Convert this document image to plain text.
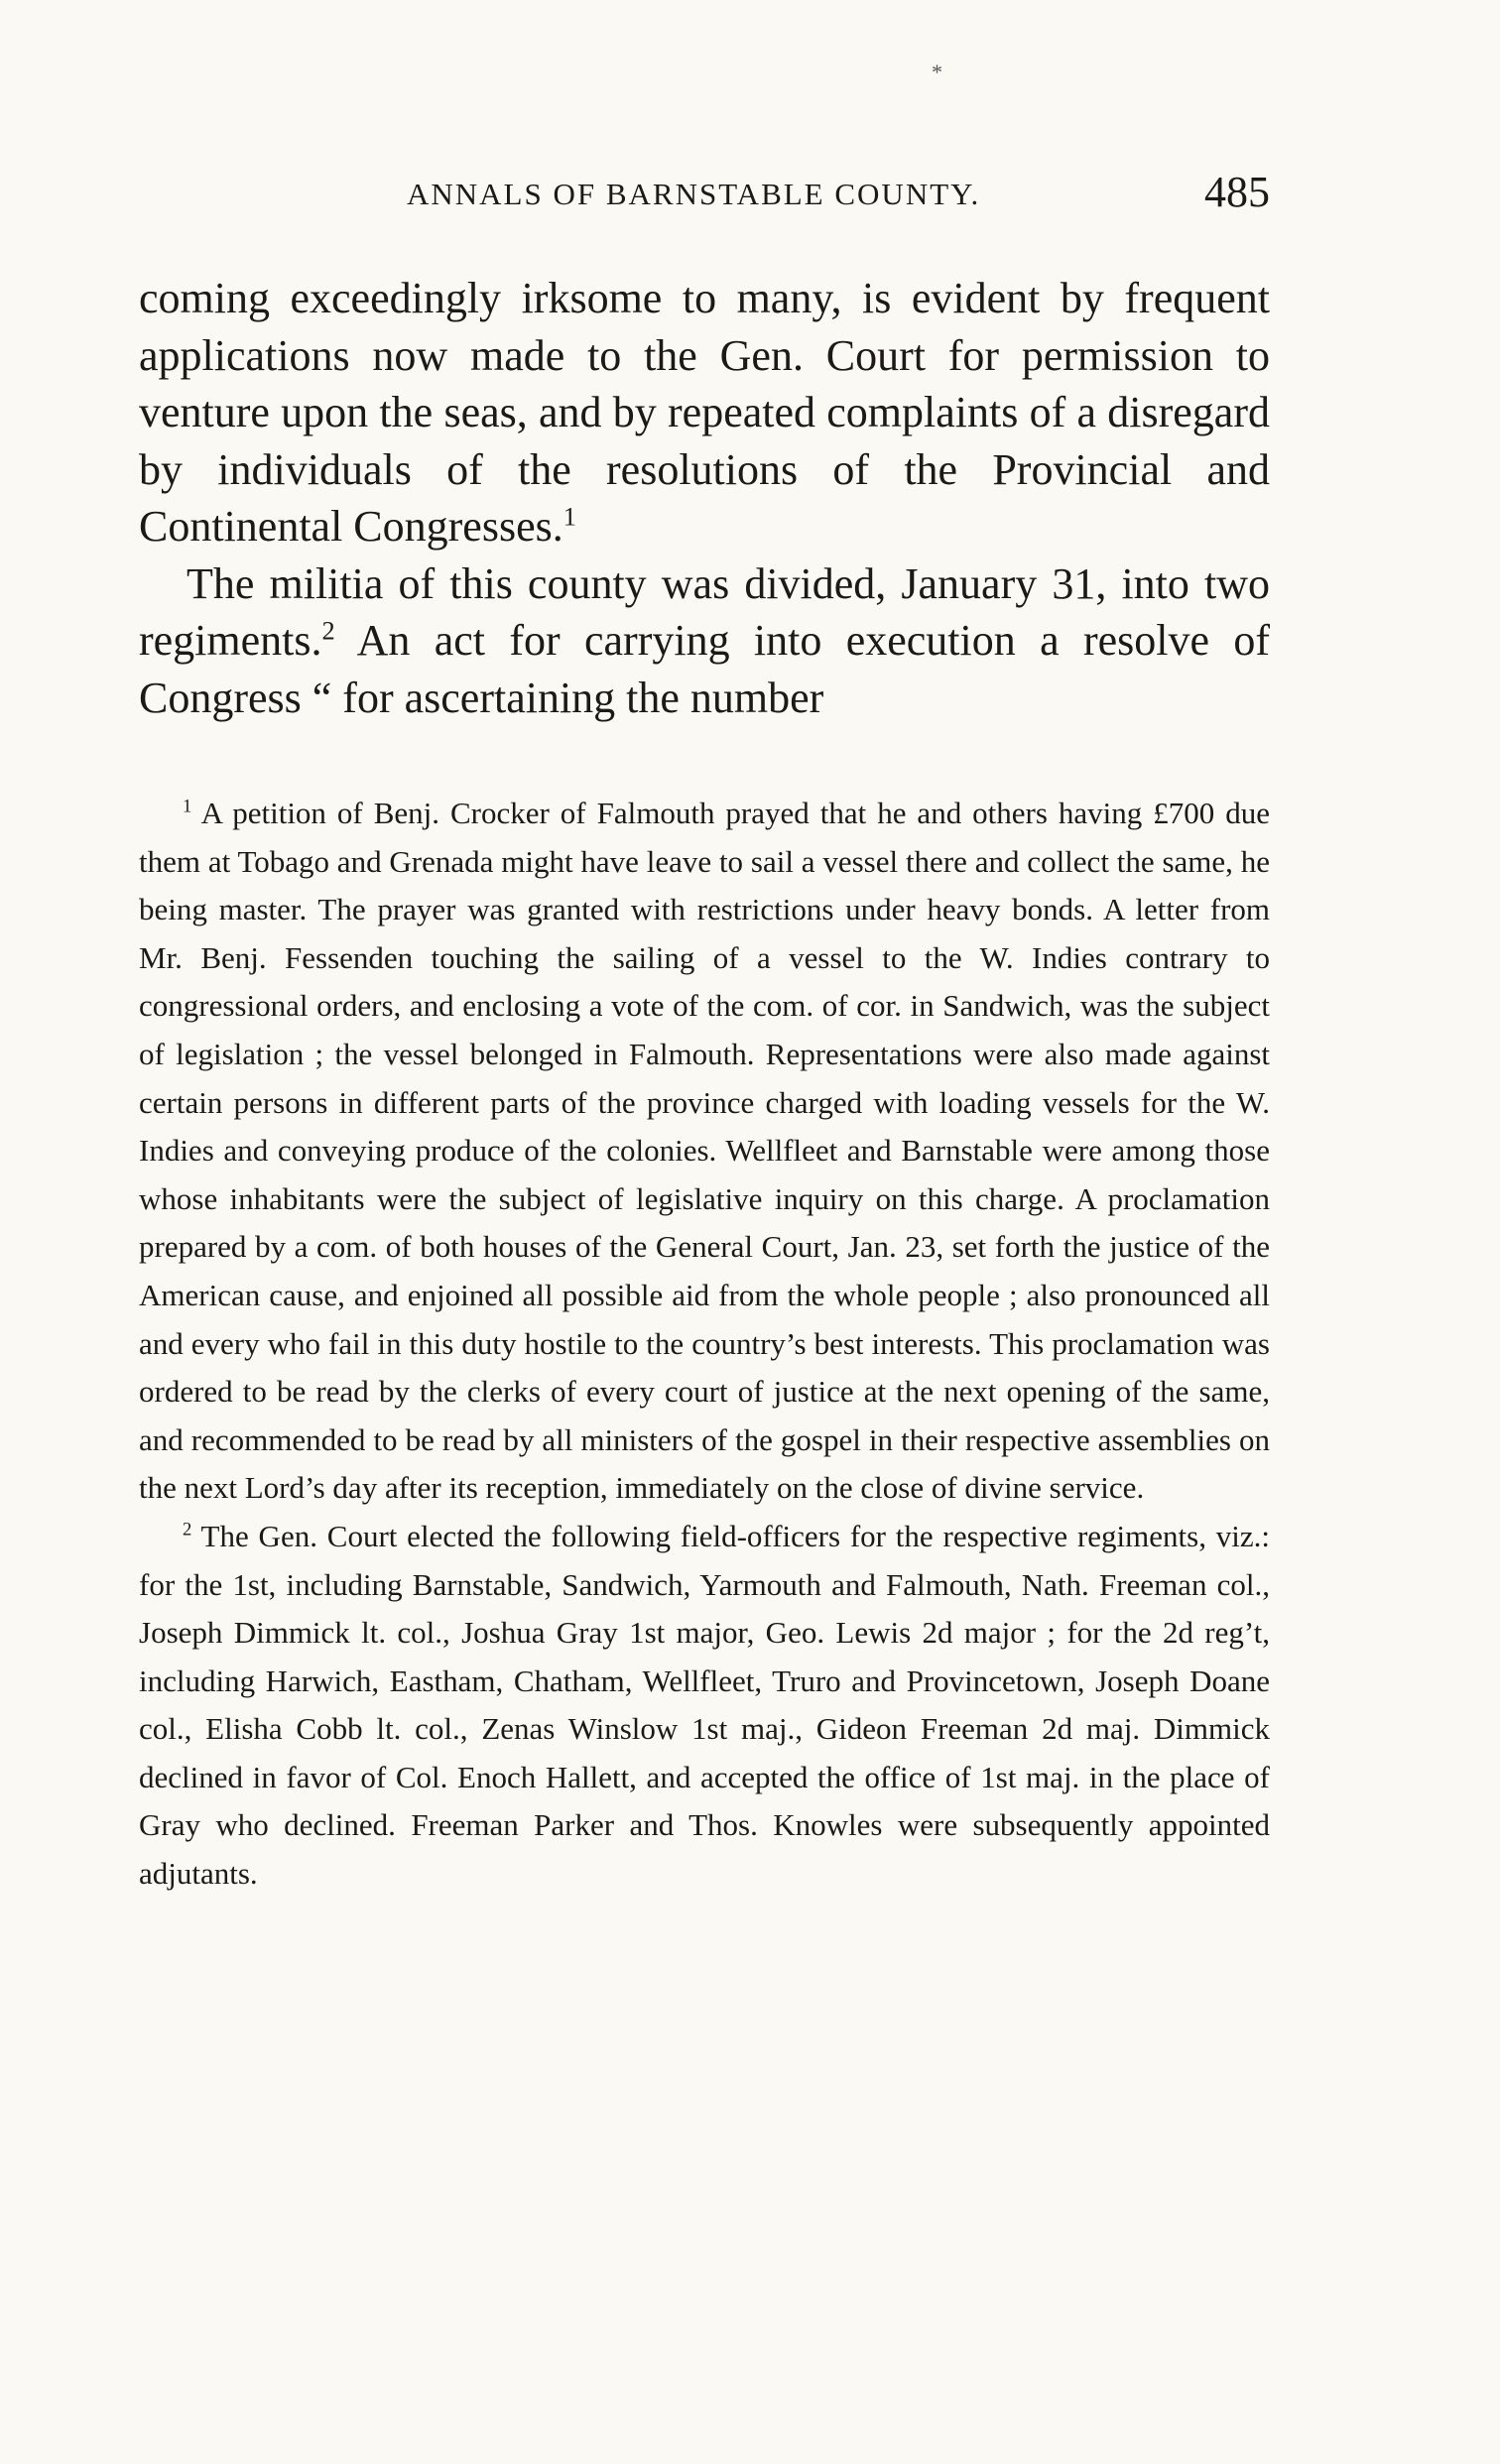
*
ANNALS OF BARNSTABLE COUNTY.	485

coming exceedingly irksome to many, is evident by frequent applications now made to the Gen. Court for permission to venture upon the seas, and by repeated complaints of a disregard by individuals of the resolutions of the Provincial and Continental Congresses.$^1$

The militia of this county was divided, January 31, into two regiments.$^2$ An act for carrying into execution a resolve of Congress “ for ascertaining the number

$^1$ A petition of Benj. Crocker of Falmouth prayed that he and others having £700 due them at Tobago and Grenada might have leave to sail a vessel there and collect the same, he being master. The prayer was granted with restrictions under heavy bonds. A letter from Mr. Benj. Fessenden touching the sailing of a vessel to the W. Indies contrary to congressional orders, and enclosing a vote of the com. of cor. in Sandwich, was the subject of legislation ; the vessel belonged in Falmouth. Representations were also made against certain persons in different parts of the province charged with loading vessels for the W. Indies and conveying produce of the colonies. Wellfleet and Barnstable were among those whose inhabitants were the subject of legislative inquiry on this charge. A proclamation prepared by a com. of both houses of the General Court, Jan. 23, set forth the justice of the American cause, and enjoined all possible aid from the whole people ; also pronounced all and every who fail in this duty hostile to the country’s best interests. This proclamation was ordered to be read by the clerks of every court of justice at the next opening of the same, and recommended to be read by all ministers of the gospel in their respective assemblies on the next Lord’s day after its reception, immediately on the close of divine service.

$^2$ The Gen. Court elected the following field-officers for the respective regiments, viz.: for the 1st, including Barnstable, Sandwich, Yarmouth and Falmouth, Nath. Freeman col., Joseph Dimmick lt. col., Joshua Gray 1st major, Geo. Lewis 2d major ; for the 2d reg’t, including Harwich, Eastham, Chatham, Wellfleet, Truro and Provincetown, Joseph Doane col., Elisha Cobb lt. col., Zenas Winslow 1st maj., Gideon Freeman 2d maj. Dimmick declined in favor of Col. Enoch Hallett, and accepted the office of 1st maj. in the place of Gray who declined. Freeman Parker and Thos. Knowles were subsequently appointed adjutants.
